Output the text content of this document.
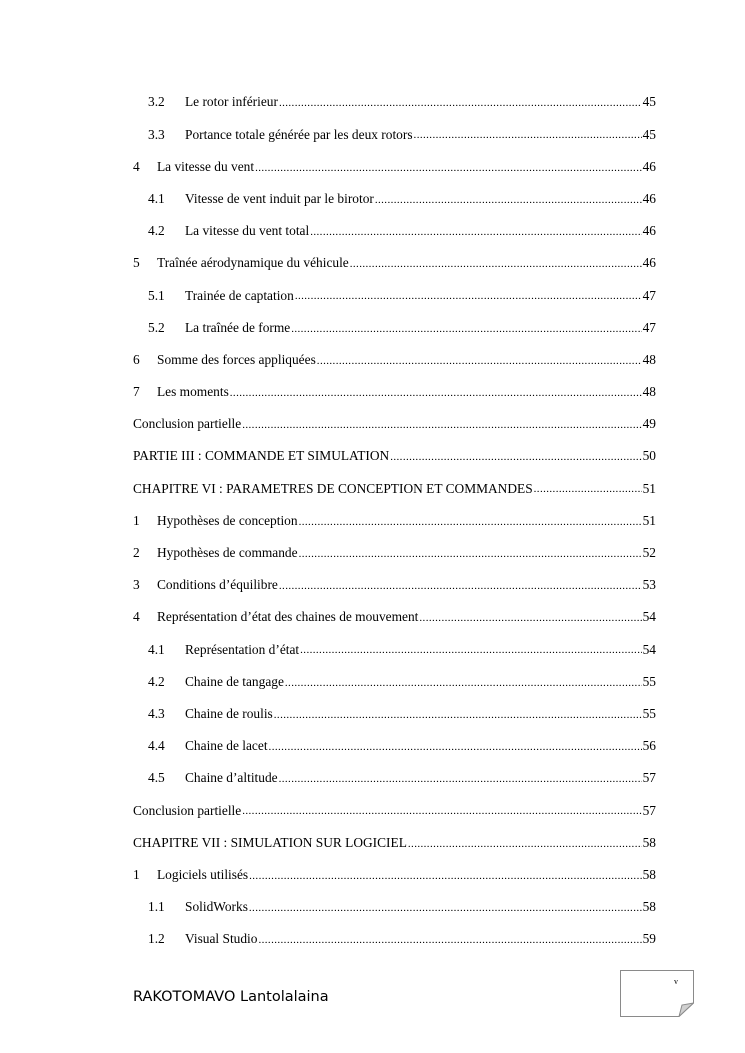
3.2	Le rotor inférieur .....	45
3.3	Portance totale générée par les deux rotors .....	45
4	La vitesse du vent .....	46
4.1	Vitesse de vent induit par le birotor .....	46
4.2	La vitesse du vent total .....	46
5	Traînée aérodynamique du véhicule .....	46
5.1	Trainée de captation .....	47
5.2	La traînée de forme .....	47
6	Somme des forces appliquées .....	48
7	Les moments .....	48
Conclusion partielle .....	49
PARTIE III : COMMANDE ET SIMULATION .....	50
CHAPITRE VI : PARAMETRES DE CONCEPTION ET COMMANDES .....	51
1	Hypothèses de conception .....	51
2	Hypothèses de commande .....	52
3	Conditions d’équilibre .....	53
4	Représentation d’état des chaines de mouvement .....	54
4.1	Représentation d’état .....	54
4.2	Chaine de tangage .....	55
4.3	Chaine de roulis .....	55
4.4	Chaine de lacet .....	56
4.5	Chaine d’altitude .....	57
Conclusion partielle .....	57
CHAPITRE VII : SIMULATION SUR LOGICIEL .....	58
1	Logiciels utilisés .....	58
1.1	SolidWorks .....	58
1.2	Visual Studio .....	59
RAKOTOMAVO Lantolalaina
v
